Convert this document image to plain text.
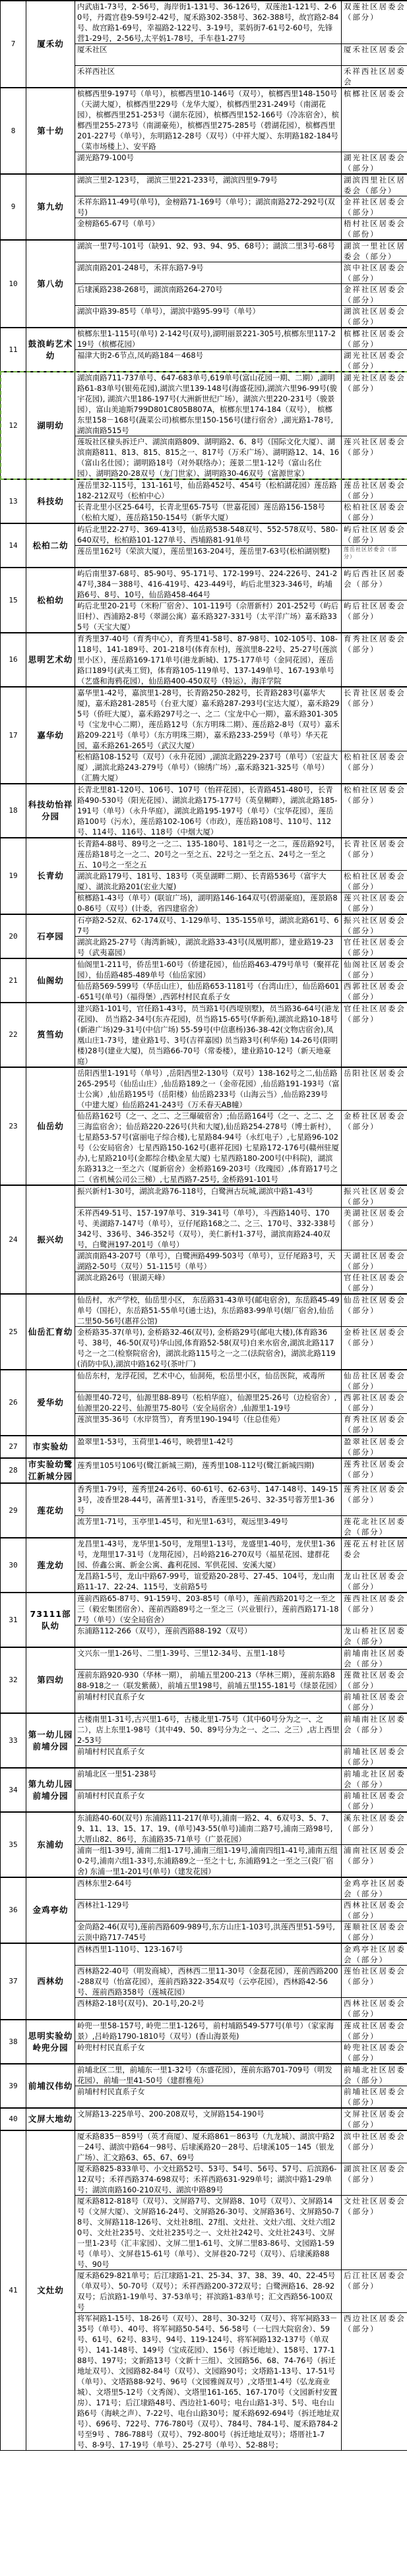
7	厦禾幼	内武庙1-73号，2-56号，海岸街1-131号、36-126号，双莲池1-121号、2-60号，丹霞宫巷9-59号2-42号，厦禾路302-358号、362-388号，故宫路2-84号、故宫路1-69号，幸福路2-122号、3-19号，菜妈街7-61号2-60号，先锋营1-29号，2-56号,太平妈1-78号，手车巷1-27号	双莲社区居委会（部分）

		厦禾社区	厦禾社区居委会

		禾祥西社区	禾祥西社区居委会
8	第十幼	槟榔西里9-197号（单号），槟榔西里10-146号（双号），槟榔西里148-150号（天湖大厦），槟榔西里229号（龙华大厦），槟榔西里231-249号（南湖花园），槟榔西里251-253号（湖东花园），槟榔西里152-166号（冷冻宿舍），槟榔西里255-273号（南湖豪苑），槟榔西里275-285号（碧湖花园），槟榔西里201-227号（单号），东明路12-28号（双号）（中祥大厦）、东明路182-184号（菜市场楼上）、安平路	槟榔社区居委会

		湖光路79-100号	湖光社区居委会（部分）
9	第九幼	湖滨三里2-123号， 湖滨三里221-233号，湖滨四里9-79号	湖滨四里社区居委会（部分）

		禾祥东路11-49号(单号)，金榜路71-169号（单号）；湖滨南路272-292号(双号)	金祥社区居委会（部分）

		金榜路65-67号（单号）	梧村社区居委会（部份）
10	第八幼	湖滨一里7号-101号（缺91、92、93、94、95、68号）；湖滨二里3号-68号	湖滨一里社区居委会（部分）

		湖滨南路201-248号，禾祥东路7-9号	滨中社区居委会（部分）

		后埭溪路238-268号，湖滨南路264-270号	金祥社区居委会（部分）

		湖滨中路39-85号（单号），湖滨中路95-99号（单号）	湖滨社区居委会（部分）
11	鼓浪屿艺术幼	槟榔东里1-115号(单号) 2-142号(双号),湖明丽景221-305号,槟榔东里117-219号（槟榔花园）	槟榔社区居委会（部分）

		福津大街2-6节点,凤屿路184－468号	湖光社区居委会（部分）
12	湖明幼	湖滨南路711-737单号、647-683单号,619单号(富山花园一期、二期）,湖明路61-83单号(银苑花园),湖滨六里139-148号(海盛花园),湖滨六里96-99号(骏宇花园), 湖滨六里186-197号(大洲新世纪广场），湖滨六里220-231号（骏景园），富山美迪斯799D801C805B807A，槟榔东里174-184（双号）， 槟榔东里158－168号(蔬菜公司)槟榔东里150-156号(建行宿舍）,湖光路1-78号,湖滨南路515号	湖光社区居委会（部分）

		莲坂社区棣头拆迁户、湖滨南路809、湖明路2、6、8号（国际文化大厦）、湖滨南路811、813、815、815之一、817号（万禾广场）、湖明路12、14、16（富山名仕园）；湖明路18号（对外联络办）；莲景二里1-12号（富山名仕园）、湖明路20-28双号（龙门世家）、湖明路30-46双号（富源世家）	莲兴社区居委会（部分）
13	科技幼	莲岳里32-115号，131-161号，仙岳路452号、454号（松柏湖花园）莲岳路182-212双号（松柏中心）	莲岳社区居委会（部分）

		长青北里小区25-64号，长青北里65-75号（世嘉花园）莲岳路156-158号（松柏大厦），莲岳路150-154号（新华大厦）	松柏社区居委会（部分）
14	松柏二幼	屿后北里22-27号、369-413号，仙岳路538-548双号、552-578双号、580-640双号，松柏路101-127单号、西埔路81-91单号	屿后社区居委会（部分）

		莲岳里162号（荣滨大厦），莲岳里163-204号，莲岳里7-63号(松柏湖别墅)	莲岳社区居委会（部分）
15	松柏幼	屿后南里37-68号、85-90号、95-171号、172-199号、224-226号、241-247号,384－388号、416-419号、423-449号，屿后北里323-346号，屿埔路6号、8号、10号，仙岳路458-464号	屿后西社区居委会（部分）

		屿后北里20-21号（米粉厂宿舍）、101-119号（佘厝新村）201-252号（屿后旧村）、西浦路2-8号（翠湖公寓）嘉禾路327-331号（太平洋广场）嘉禾路335号（天宝大厦）	屿后社区居委会（部分）
16	思明艺术幼	育秀里37-40号（育秀中心），育秀里41-58号、87-98号、102-105号、108-118号、141-189号、201-218号(体育东村)，莲滨里8-22号、25-27号(莲滨里小区），莲岳路169-171单号(港龙新城)、175-177单号（金同花园），莲岳路口189号(武夷工贸)，体育路105-119单号、137-149单号、167-193单号（艺盛和海鸦花园），仙岳路400-450双号（特运），海洋学院	育秀社区居委会（部分）
17	嘉华幼	嘉华里1-42号，嘉滨里1-28号，长青路250-282号，长青路283号(嘉华大厦)，嘉禾路281-285号（台亚大厦）嘉禾路287-293号(宝达大厦），嘉禾路295号（侨旺大厦），嘉禾路297号之一、之二（宝龙中心一期），嘉禾路301-305号（宝龙中心二期），莲岳路12号（东方明珠二期）、莲岳路2-8号（双号）嘉禾路209-221号（单号）（东方明珠三期），嘉禾路233-259号（单号）华天花园，嘉禾路261-265号（武汉大厦）	长青社区居委会（部分）

		松柏路108-152号（双号）（永升花园）,湖滨北路229-237号（单号）（宏益大厦）,湖滨北路243-279号（单号）（锦绣广场）,嘉禾路321-325号（单号）（汇腾大厦）	松柏社区居委会（部分）
18	科技幼怡祥分园	长青北里81-120号、106号、107号（怡祥花园），长青路451-480号，长青路490-530号（阳光花园）、湖滨北路175-177号（英皇糊畔），湖滨北路185-191号（单号）（永升华庭），湖滨北路195-197号（单号）（宝华花园），莲岳路100号（污水），莲岳路102-106号（市政），莲岳路108号、110号、112号、114号、116号、118号（中烟大厦）	松柏社区居委会（部分）
19	长青幼	长青路4-88号、89号之一之二、135-180号、181号之一之二，莲岳路92号，莲岳路18号之一之二、20号之一至之五、22号之一至之五、24号之一至之五、10号之一至之五	长青社区居委会（部分）

		湖滨北路179号、181号、183号（英皇湖畔二期）、长青路536号（富宇大厦）、湖滨北路201(宏业大厦)	松柏社区居委会（部分）

		槟榔路1-43号（单号）(联谊广场)，湖明路146-164双号(碧湖豪庭)，莲景路80-86号（双号）(计委，省四建宿舍）	莲兴社区居委会（部分）
20	石亭园	石亭路2-52双、62-174双号、1-129单号、135-155单号，湖滨北路61号、67号	振兴社区居委会（部分）

		湖滨北路25-27号（海湾新城），湖滨北路33-43号(凤凰明都），建业路19-23号（武夷嘉园）	官任社区居委会（部分）
21	仙阁幼	仙阁里1-211号，侨岳里1-60号（侨建花园），仙岳路463-479号单号（聚祥花园），仙岳路485-489单号（仙岳家园）	仙阁社区居委会（部分）

		仙岳路569-599号（华岳山庄），仙岳路653-1181号（台湾山庄），仙岳路601-651号(单号)（福得堡）,西郭村村民直系子女	西郭社区居委会（部分）
22	筼筜幼	建兴路1-101号，官任路1-43号，员当路1号(西堤别墅)，员当路36-64号(港龙花园)、 员当路2-34号(东卉花园)，员当路15-65号(华新苑),湖滨北路10-18号(新港广场)29-31号(中信广场) 55-59号(中信惠杨)36-38-42(文物店宿舍),凤凰山庄1-73号，建业路1号、3号(吉祥嘉园) 员当路3号(利华苑) 14-26号(阳明楼)28号(建业大厦)，员当路66-70号（常委楼），建业路10-12号（新天地豪庭）	官任社区居委会（部分）
23	仙岳幼	岳阳西里1-191号（单号）,岳阳西里2-130号（双号）138-162号之二,仙岳路265-295号（仙岳山庄）,仙岳路189之一（金帝花园）,仙岳路191-193号（富士公寓）,仙岳路195号（岳阳楼）仙岳路233号（山海云当）,仙岳路239号（中建大厦）仙岳路241-243号（万禾春天AB幢）	岳阳社区居委会

		仙岳路162号（之一、之二、之三爆破宿舍）;仙岳路164号（之一、之二、之三海监宿舍）；仙岳路220-226号(共和大厦),仙岳路254-278号（博士新村）， 七星路53-57号(富丽电子综合楼),七星路84-94号（永红电子）,七星路96-102号（公安局宿舍）七星西路150-162号(惠祥花园) 七星路172-176号(赣州驻厦办),七星路210号(金都综合楼\金星大厦) 七星西路180-200号(中科院)，湖滨东路313之一至之六（厦新宿舍）金桥路169-203号（玫瑰园）,体育路17号之二（省机械公司公三梯）,七星西路7-25号, 金桥路91-101号	金桥社区居委会（部分）
24	振兴幼	振兴新村1-30号，湖滨北路76-118号，白鹭洲古玩城,湖滨中路1-43号	振兴社区居委会（部分）

		禾祥西49-51号、157-197单号、319-341号（单号），斗西路140号、170号、美湖路7-147号（单号），豆仔尾路168之二、之三、170号、332-338号342号、336号、346-352号（双号），美仁新村1-37号，湖滨南路24-40双号，白鹭洲197-201号（单号）	美湖社区居委会（部分）

		湖滨南路43-207号（单号），白鹭洲路499-503号（单号），豆仔尾路3号，天湖路2-50号（双号）51-115号（单号）	天湖社区居委会（部分）

		湖滨北路26号（银湖天峰）	官任社区居委会（部分）
25	仙岳汇育幼	仙岳村，水产学校，仙岳里小区， 东岳路31-43单号(邮电宿舍)，东岳路45-49单号（国托），东岳路51-55单号(通士达)，东岳路83-99单号(烟厂宿舍),仙岳二里50-56号(惠祥公馆)	仙岳社区居委会（部分）

		金桥路35-37(单号), 金桥路32-46(双号), 金桥路29号(邮电大楼),体育路36号、38号，46-50(双号)华山园,体育路52-58(双号)自来水宿舍,湖滨北路117号之一之二(检察院宿舍)，湖滨北路115号之一之二(法院宿舍)，湖滨北路119(消防中队),湖滨中路162号(茶叶厂)	金桥社区居委会（部分）
26	爱华幼	仙岳东村，龙浮花园，艺术中心，仙洞苑，松岳里小区，仙岳医院，戒毒所	仙岳社区居委会（部分）

		仙源里40-72号，仙源里88-89号（松柏华庭），仙源里25-26号（边检宿舍）,仙源里20-22号、仙源里75-80号（安全局宿舍）,仙源里1-19号	西郭社区居委会（部分）

		莲滨里35-36号（水岸筼筜），育秀里190-194号（住总佳苑）	育秀社区居委会（部分）
27	市实验幼	盈翠里1-53号，玉荷里1-46号，映碧里1-42号	盈翠社区居委会（部分）
28	市实验幼鹭江新城分园	莲秀里105号106号(鹭江新城三期)，莲秀里108-112号(鹭江新城四期)	莲秀社区居委会（部分）
29	莲花幼	香秀里1-79号，莲秀里24-26号、60-61号、62-63号、147-148号、149-153号，凌香里28-44号，菡菁里1-31号，香莲里5-26号、32-35号蓉芳里1-36号	莲秀社区居委会（部分）

		流芳里1-71号，玉亭里1-45号，和光里1-63号，观远里3-49号	莲花北社区居委会（部分）
30	莲龙幼	龙昌里1-43号，龙华里1-50号，龙翔里1-13号，龙盛里1-40号，龙伏里1-36号，龙翔里17-31号（龙翔花园），吕岭路216-270双号（福星花园、建群花园、侨鑫公寓、新金公寓、鑫利花园、军供花园、安溪大厦）	莲花五村社区居委会

		龙昌路1-5号，龙山中路67-99号，谊爱路20-28号、27-45、104号，龙山南路11-17、22-24、115号，支前路5号	龙山社区居委会（部分）
31	73111部队幼	莲前西路65-87号、91-159号、203-85号（单号），莲前西路201号之一至之三（毅宏集团宿舍）、莲前西路89号之一至之三（兴业银行），莲前西路171-187号（单号）（安全局宿舍）	莲西社区居委会（部分）

		东浦路112-266（双号），莲前西路88-192（双号）	龙山桥社区居委会（部分）
32	第四幼	文兴东一里1-26号、二里1-39号、三里12-34号、五里1-18号	前埔南社区居委会（部分）

		莲前东路920-930（华林一期）， 前埔五里200-213（华林三期），莲前东路888-918之一（联发紫薇），前埔五里198号，前埔五里155-181号（绿景花园）	莲微社区居委会（部分）

		前埔村村民直系子女	前埔社区居委会（部分）
33	第一幼儿园前埔分园	古楼南里1-31号,古兴里1-6号，古楼北里1-75号（其中60号分为之一、之二），店上东里1-98号（其中49、50、89号分为之一、之二、之三）,店上西里2-53号	前埔南社区居委会（部分）

		前埔村村民直系子女	前埔社区居委会（部分）
34	第九幼儿园前埔分园	前埔北区一里51-238号	前埔北社区居委会（部分）

		前埔村村民直系子女	前埔社区居委会（部分）
35	东浦幼	东浦路40-60(双号) 东浦路111-217(单号),浦南一路2、4、6双号3、5、7、9、11、13、15、17、19、(单号)43-55(单号)浦南二路7号,浦南三路98号,大厝山82、86号，东浦路35-71单号（广景花园）	溪东社区居委会（部分）

		浦南一组1-39号, 浦南二组1-17号,浦南三组1-19号,浦南四组1-41号,浦南五组0-2号,浦南六组1-33号,东浦路89之一至之十七, 东浦路91之一至之三(瓷厂宿舍) 东浦一里1-201号(单号)（建发花园）	浦南社区居委会（部分）
36	金鸡亭幼	西林东里2-64号	金鸡亭社区居委会（部分）

		西林社1-129号	西林社区居委会（部分）

		金尚路2-46(双号),莲前西路609-989号,东方山庄1-103号,洪莲西里51-59号,云顶中路717-745号	莲顺社区居委会（部分）
37	西林幼	西林西里1-110号、123-167号	金鸡亭社区居委会（部分）

		西林路22-40号（明发商城），西林西二里11-30号（金磊花园），莲前西路200-288双号（怡富花园），莲前西路322-354双号（云亭花园），西林路42-56号、莲前西路358号（莲城花园）	莲怡社区居委会（部分）

		西林路2-18号(双号)、20-1号,20-2号	西林社区居委会（部分）
38	思明实验幼岭兜分园	岭兜一里58-157号, 岭兜二里1-126号，前村埔路549-577号(单号）（家家海景）,吕岭路1790-1810号（双号）(香山海景苑)	莲成社区居委会（部分）

		岭兜村村民直系子女	岭兜社区居委会（部分）
39	前埔汉伟幼	前埔北区二里，前埔东一里1-32号（东盛花园），莲前东路701-709号（明发花园），前埔一里41-50号（建群雅苑）	前埔北社区居委会（部分）

		前埔村村民直系子女	前埔社区居委会（部分）
40	文屏大地幼	文屏路13-225单号、200-208双号，文屏路154-190号	文屏社区居委会（部分）
41	文灶幼	厦禾路835－859号（英才商厦）、厦禾路861－863号（九龙城）、湖滨中路2－24号、湖滨中路64－98号、后埭溪路20－28号、后埭溪105－145（银龙广场）、汇文路63、65、67、69号	滨中社区居委会（部分）

		厦禾路825-833单号、小文灶路52号、53号、54号、56号、57号、后滨路6-12双号；禾祥西路374-698双号；禾祥西路631-929单号；湖滨中路1-29单号；湖滨南路160-210双号、湖滨中路89号	湖滨社区居委会（部分）

		厦禾路812-818号（双号）、文屏路7号、文屏路8、10号（双号）、文屏路14号（文屏大厦）、文屏路16-24号、文屏路26-30号、文屏路36号、文屏路50-78号、文屏路118-126号、文灶社8组、27组、文灶社、文灶六组、文灶六组20号、文灶社235号、文灶社235号之一、文灶社242号、文灶社243号、文屏一里1-23号（汇丰家园）、文屏二里1-61号、文屏二里83-86号、文园路1-59号（单号）、文屏巷15-61号（单号）、文屏巷20-72号（双号）、后埭溪路88号、90号	文灶社区居委会（部分）

		厦禾路629-821单号；后江埭路1-21、25-34、37、38、39、40、22-45号（单双号）、50-70号（双号）；禾祥西路200-372双号；白鹭洲路16、28-92双号；后滨路1-19单号、37-53单号；祥滨路1-83单号；汇文西路56-100双号	后江社区居委会（部分）

		将军祠路1-15号、18-26号（双号）、28号、30-32号（双号）、将军祠路33－35号（单号）、40号、将军祠路50-54号、56-58号（一七四大院宿舍）、59号、61号、62号、83号、94号、119-124号、将军祠路132-137号（单双号）、141-148号、149号（宝成花园）、156号（拆迁地址）、158号、177-188号、197号；文新路13号（文新十三组）、文园路56、68、74-76号（拆迁地址双号）、文园路82-84号（双号）、文园路90号；文塔路1-13号、17-51号（单号）、文塔路88-92号、96号（文园雅阁双号）,文塔里1-4号（弘龙商业城）、文塔里5-12号（文秀阁）、文塔里161-165、167-170号（文园新村安置房）、171号；后江埭路48号、西边社1-60号；电台山路1-3号、5号、电台山路6号（海峡之声）、7-22号、电台山路30号；厦禾路692-694号（拆迁地址双号）、696号、722号、776-780号（双号）、784号、784-1号、厦禾路784-2号至9号 、786-788号（双号）、792-800号（拆迁地址双号）；塔厝社1-7号、8-9号、17-19号（单号）、25-27号（单号）、52-88号；	西边社区居委会（部分）
